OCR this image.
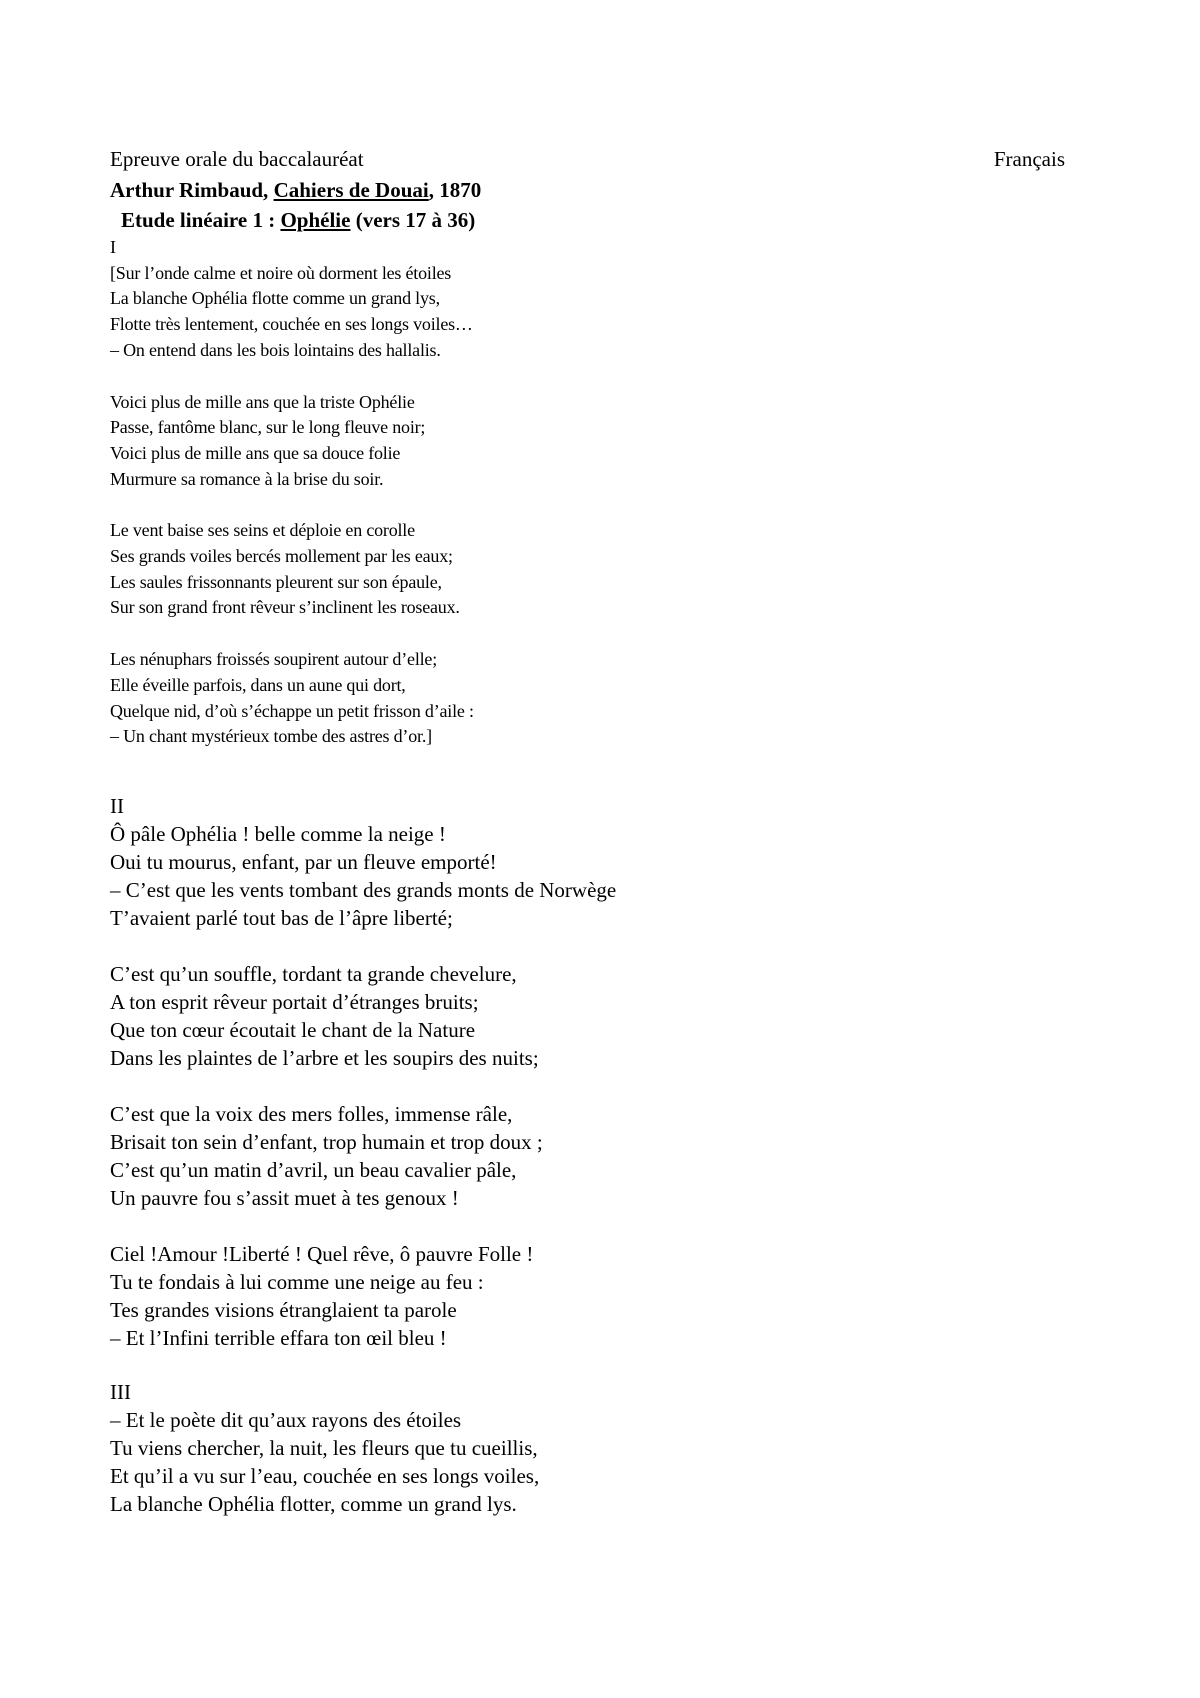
Epreuve orale du baccalauréat	Français
Arthur Rimbaud, Cahiers de Douai, 1870
Etude linéaire 1 : Ophélie (vers 17 à 36)
I
[Sur l’onde calme et noire où dorment les étoiles
La blanche Ophélia flotte comme un grand lys,
Flotte très lentement, couchée en ses longs voiles…
– On entend dans les bois lointains des hallalis.
Voici plus de mille ans que la triste Ophélie
Passe, fantôme blanc, sur le long fleuve noir;
Voici plus de mille ans que sa douce folie
Murmure sa romance à la brise du soir.
Le vent baise ses seins et déploie en corolle
Ses grands voiles bercés mollement par les eaux;
Les saules frissonnants pleurent sur son épaule,
Sur son grand front rêveur s’inclinent les roseaux.
Les nénuphars froissés soupirent autour d’elle;
Elle éveille parfois, dans un aune qui dort,
Quelque nid, d’où s’échappe un petit frisson d’aile :
– Un chant mystérieux tombe des astres d’or.]
II
Ô pâle Ophélia ! belle comme la neige !
Oui tu mourus, enfant, par un fleuve emporté!
– C’est que les vents tombant des grands monts de Norwège
T’avaient parlé tout bas de l’âpre liberté;
C’est qu’un souffle, tordant ta grande chevelure,
A ton esprit rêveur portait d’étranges bruits;
Que ton cœur écoutait le chant de la Nature
Dans les plaintes de l’arbre et les soupirs des nuits;
C’est que la voix des mers folles, immense râle,
Brisait ton sein d’enfant, trop humain et trop doux ;
C’est qu’un matin d’avril, un beau cavalier pâle,
Un pauvre fou s’assit muet à tes genoux !
Ciel !Amour !Liberté ! Quel rêve, ô pauvre Folle !
Tu te fondais à lui comme une neige au feu :
Tes grandes visions étranglaient ta parole
– Et l’Infini terrible effara ton œil bleu !
III
– Et le poète dit qu’aux rayons des étoiles
Tu viens chercher, la nuit, les fleurs que tu cueillis,
Et qu’il a vu sur l’eau, couchée en ses longs voiles,
La blanche Ophélia flotter, comme un grand lys.
